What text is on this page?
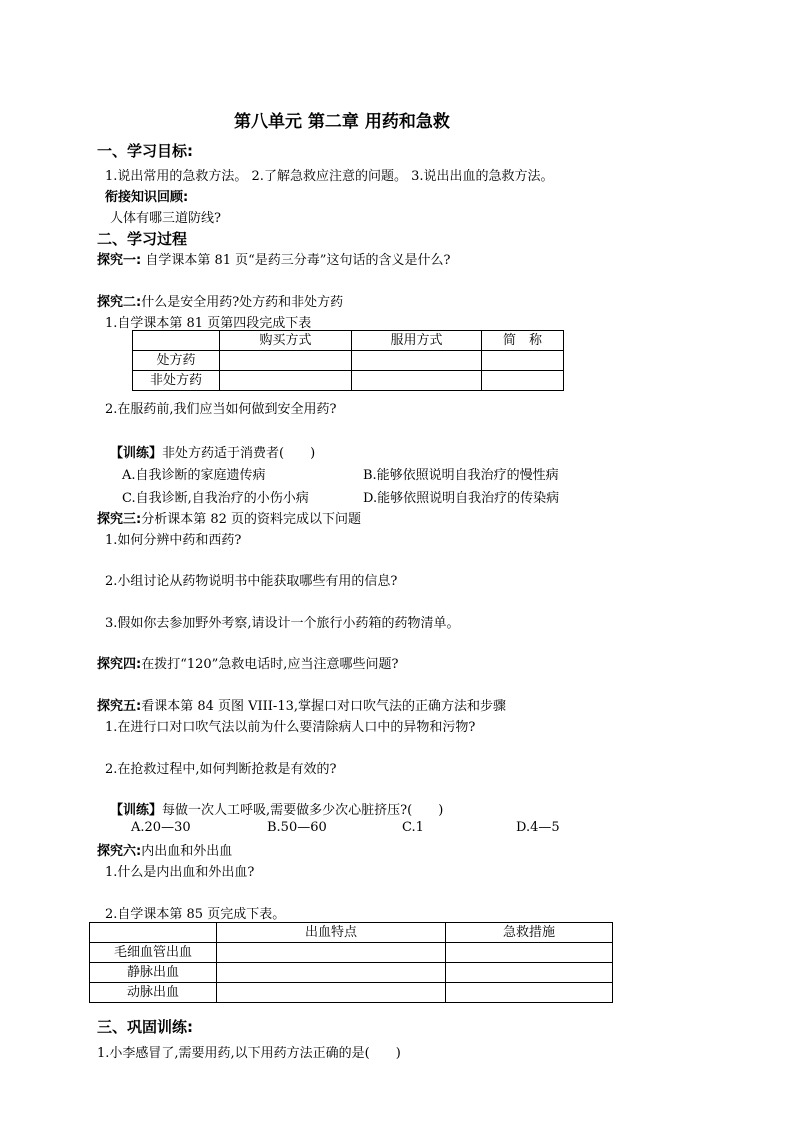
第八单元 第二章 用药和急救
一、学习目标:
1.说出常用的急救方法。 2.了解急救应注意的问题。 3.说出出血的急救方法。
衔接知识回顾:
人体有哪三道防线?
二、学习过程
探究一: 自学课本第 81 页“是药三分毒”这句话的含义是什么?
探究二:什么是安全用药?处方药和非处方药
1.自学课本第 81 页第四段完成下表
	购买方式	服用方式	简　称
处方药			
非处方药			
2.在服药前,我们应当如何做到安全用药?
【训练】非处方药适于消费者(　　)
A.自我诊断的家庭遗传病	B.能够依照说明自我治疗的慢性病
C.自我诊断,自我治疗的小伤小病	D.能够依照说明自我治疗的传染病
探究三:分析课本第 82 页的资料完成以下问题
1.如何分辨中药和西药?
2.小组讨论从药物说明书中能获取哪些有用的信息?
3.假如你去参加野外考察,请设计一个旅行小药箱的药物清单。
探究四:在拨打“120”急救电话时,应当注意哪些问题?
探究五:看课本第 84 页图 VIII-13,掌握口对口吹气法的正确方法和步骤
1.在进行口对口吹气法以前为什么要清除病人口中的异物和污物?
2.在抢救过程中,如何判断抢救是有效的?
【训练】每做一次人工呼吸,需要做多少次心脏挤压?(　　)
A.20—30	B.50—60	C.1	D.4—5
探究六:内出血和外出血
1.什么是内出血和外出血?
2.自学课本第 85 页完成下表。
	出血特点	急救措施
毛细血管出血		
静脉出血		
动脉出血		
三、巩固训练:
1.小李感冒了,需要用药,以下用药方法正确的是(　　)
